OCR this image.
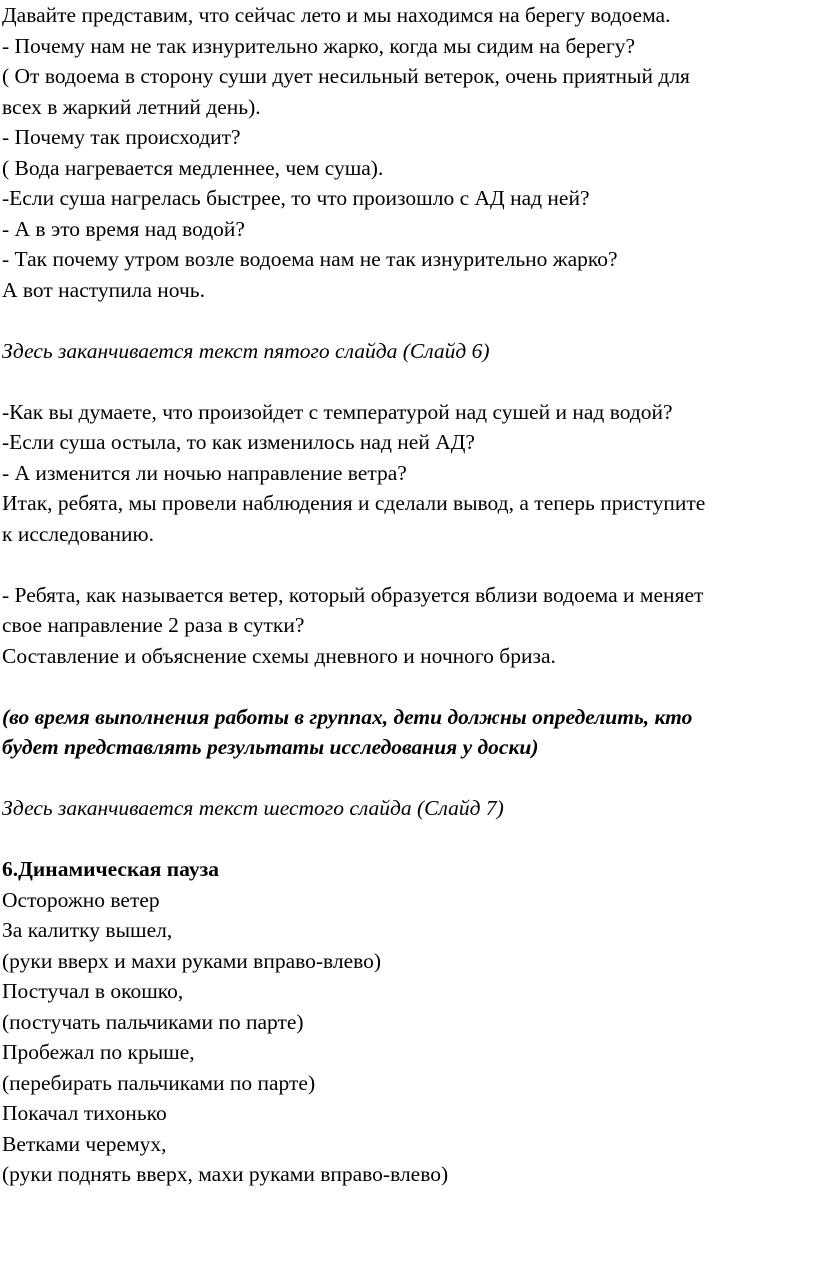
Давайте представим, что сейчас лето и мы находимся на берегу водоема.
- Почему нам не так изнурительно жарко, когда мы сидим на берегу?
( От водоема в сторону суши дует несильный ветерок, очень приятный для
всех в жаркий летний день).
- Почему так происходит?
( Вода нагревается медленнее, чем суша).
-Если суша нагрелась быстрее, то что произошло с АД над ней?
- А в это время над водой?
- Так почему утром возле водоема нам не так изнурительно жарко?
А вот наступила ночь.
Здесь заканчивается текст пятого слайда (Слайд 6)
-Как вы думаете, что произойдет с температурой над сушей и над водой?
-Если суша остыла, то как изменилось над ней АД?
- А изменится ли ночью направление ветра?
Итак, ребята, мы провели наблюдения и сделали вывод, а теперь приступите
к исследованию.
- Ребята, как называется ветер, который образуется вблизи водоема и меняет
свое направление 2 раза в сутки?
Составление и объяснение схемы дневного и ночного бриза.
(во время выполнения работы в группах, дети должны определить, кто
будет представлять результаты исследования у доски)
Здесь заканчивается текст шестого слайда (Слайд 7)
6.Динамическая пауза
Осторожно ветер
За калитку вышел,
(руки вверх и махи руками вправо-влево)
Постучал в окошко,
(постучать пальчиками по парте)
Пробежал по крыше,
(перебирать пальчиками по парте)
Покачал тихонько
Ветками черемух,
(руки поднять вверх, махи руками вправо-влево)
